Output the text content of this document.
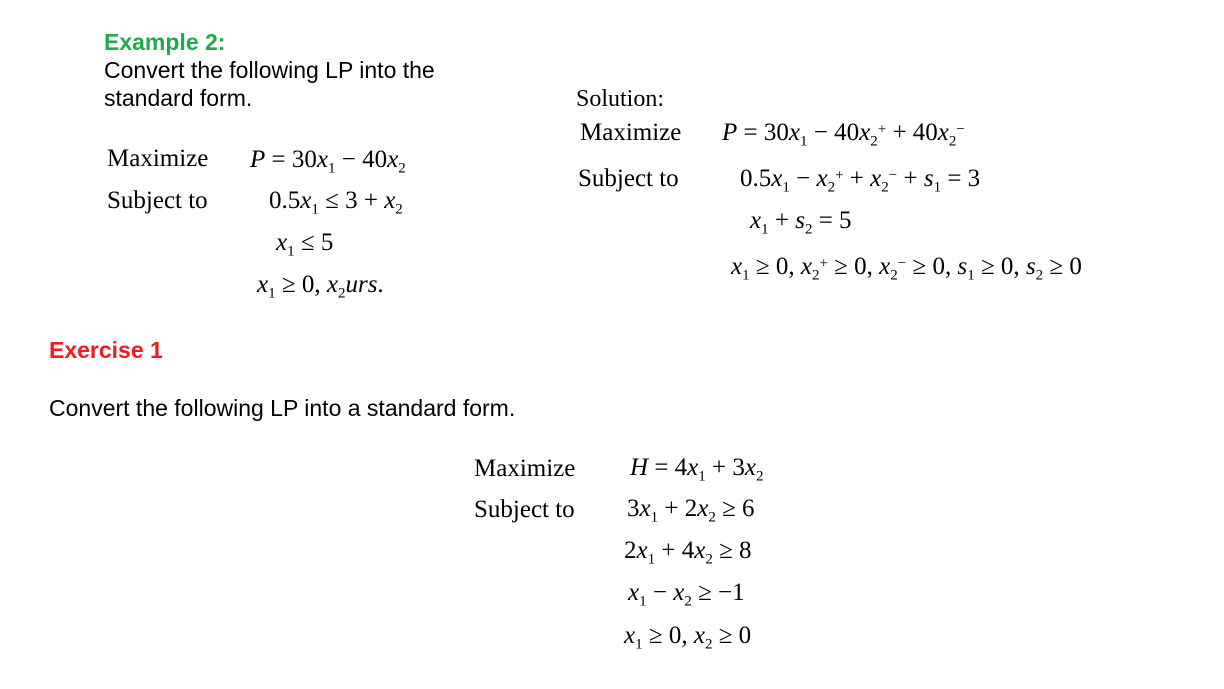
Example 2:
Convert the following LP into the standard form.
Maximize
Subject to
$P = 30x_1 - 40x_2$
$0.5x_1 \le 3 + x_2$
$x_1 \le 5$
$x_1 \ge 0$, $x_2urs$.
Solution:
Maximize
Subject to
$P = 30x_1 - 40x_2^+ + 40x_2^-$
$0.5x_1 - x_2^+ + x_2^- + s_1 = 3$
$x_1 + s_2 = 5$
$x_1 \ge 0$, $x_2^+ \ge 0$, $x_2^- \ge 0$, $s_1 \ge 0$, $s_2 \ge 0$
Exercise 1
Convert the following LP into a standard form.
Maximize
Subject to
$H = 4x_1 + 3x_2$
$3x_1 + 2x_2 \ge 6$
$2x_1 + 4x_2 \ge 8$
$x_1 - x_2 \ge -1$
$x_1 \ge 0$, $x_2 \ge 0$
